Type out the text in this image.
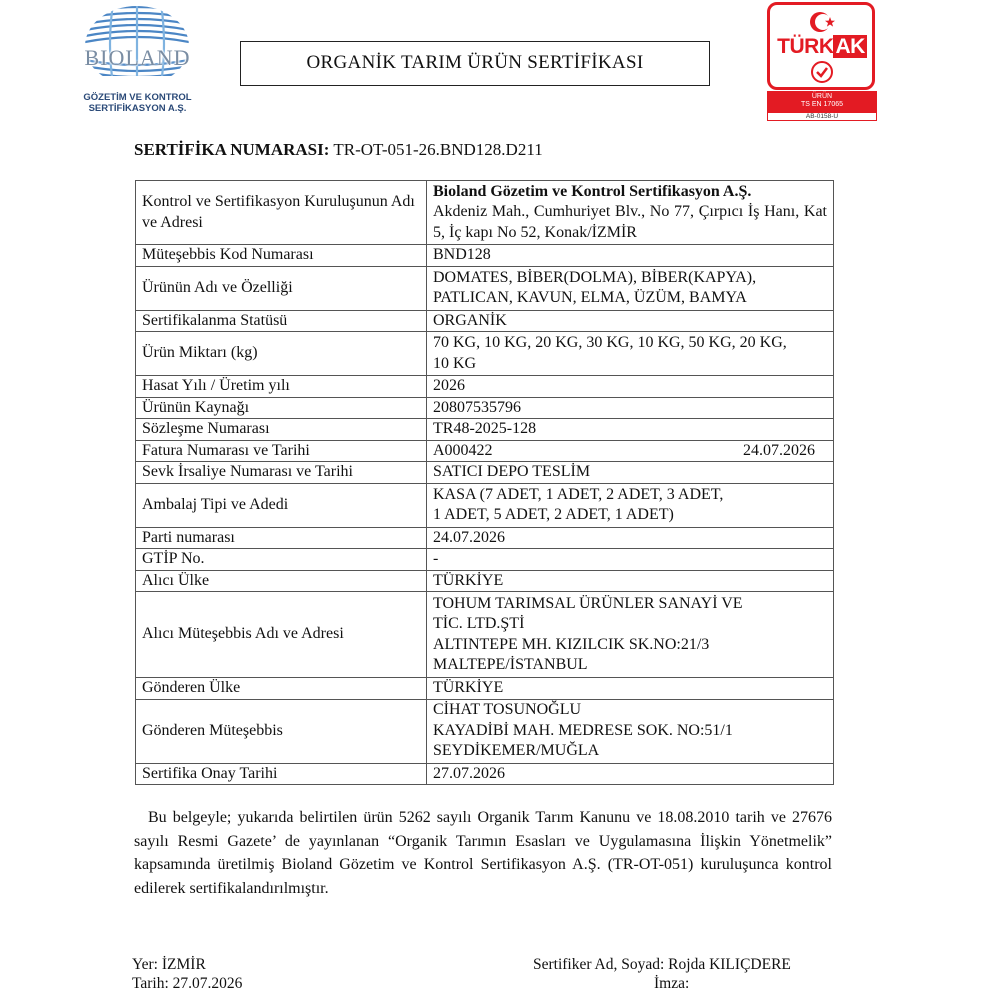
BIOLAND
GÖZETİM VE KONTROL
SERTİFİKASYON A.Ş.
ORGANİK TARIM ÜRÜN SERTİFİKASI
TÜRKAK
ÜRÜN
TS EN 17065
AB-0158-U
SERTİFİKA NUMARASI: TR-OT-051-26.BND128.D211
Kontrol ve Sertifikasyon Kuruluşunun Adı ve Adresi	Bioland Gözetim ve Kontrol Sertifikasyon A.Ş.
Akdeniz Mah., Cumhuriyet Blv., No 77, Çırpıcı İş Hanı, Kat 5, İç kapı No 52, Konak/İZMİR
Müteşebbis Kod Numarası	BND128
Ürünün Adı ve Özelliği	DOMATES, BİBER(DOLMA), BİBER(KAPYA), PATLICAN, KAVUN, ELMA, ÜZÜM, BAMYA
Sertifikalanma Statüsü	ORGANİK
Ürün Miktarı (kg)	70 KG, 10 KG, 20 KG, 30 KG, 10 KG, 50 KG, 20 KG, 10 KG
Hasat Yılı / Üretim yılı	2026
Ürünün Kaynağı	20807535796
Sözleşme Numarası	TR48-2025-128
Fatura Numarası ve Tarihi	A000422 24.07.2026

Sevk İrsaliye Numarası ve Tarihi	SATICI DEPO TESLİM
Ambalaj Tipi ve Adedi	KASA (7 ADET, 1 ADET, 2 ADET, 3 ADET,
1 ADET, 5 ADET, 2 ADET, 1 ADET)

Parti numarası	24.07.2026
GTİP No.	-
Alıcı Ülke	TÜRKİYE
Alıcı Müteşebbis Adı ve Adresi	TOHUM TARIMSAL ÜRÜNLER SANAYİ VE
TİC. LTD.ŞTİ
ALTINTEPE MH. KIZILCIK SK.NO:21/3
MALTEPE/İSTANBUL

Gönderen Ülke	TÜRKİYE
Gönderen Müteşebbis	CİHAT TOSUNOĞLU
KAYADİBİ MAH. MEDRESE SOK. NO:51/1
SEYDİKEMER/MUĞLA

Sertifika Onay Tarihi	27.07.2026
Bu belgeyle; yukarıda belirtilen ürün 5262 sayılı Organik Tarım Kanunu ve 18.08.2010 tarih ve 27676 sayılı Resmi Gazete’ de yayınlanan “Organik Tarımın Esasları ve Uygulamasına İlişkin Yönetmelik” kapsamında üretilmiş Bioland Gözetim ve Kontrol Sertifikasyon A.Ş. (TR-OT-051) kuruluşunca kontrol edilerek sertifikalandırılmıştır.
Yer: İZMİR
Tarih: 27.07.2026
Sertifiker Ad, Soyad: Rojda KILIÇDERE
İmza:
